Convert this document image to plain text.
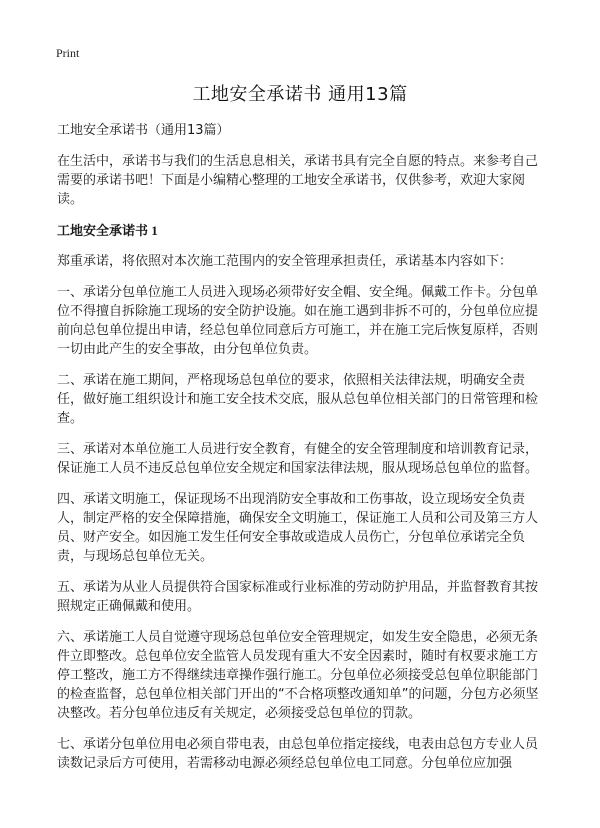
Print
工地安全承诺书 通用13篇

工地安全承诺书（通用13篇）

在生活中，承诺书与我们的生活息息相关，承诺书具有完全自愿的特点。来参考自己需要的承诺书吧！下面是小编精心整理的工地安全承诺书，仅供参考，欢迎大家阅读。

工地安全承诺书 1

郑重承诺，将依照对本次施工范围内的安全管理承担责任，承诺基本内容如下：

一、承诺分包单位施工人员进入现场必须带好安全帽、安全绳。佩戴工作卡。分包单位不得擅自拆除施工现场的安全防护设施。如在施工遇到非拆不可的，分包单位应提前向总包单位提出申请，经总包单位同意后方可施工，并在施工完后恢复原样，否则一切由此产生的安全事故，由分包单位负责。

二、承诺在施工期间，严格现场总包单位的要求，依照相关法律法规，明确安全责任，做好施工组织设计和施工安全技术交底，服从总包单位相关部门的日常管理和检查。

三、承诺对本单位施工人员进行安全教育，有健全的安全管理制度和培训教育记录，保证施工人员不违反总包单位安全规定和国家法律法规，服从现场总包单位的监督。

四、承诺文明施工，保证现场不出现消防安全事故和工伤事故，设立现场安全负责人，制定严格的安全保障措施，确保安全文明施工，保证施工人员和公司及第三方人员、财产安全。如因施工发生任何安全事故或造成人员伤亡，分包单位承诺完全负责，与现场总包单位无关。

五、承诺为从业人员提供符合国家标准或行业标准的劳动防护用品，并监督教育其按照规定正确佩戴和使用。

六、承诺施工人员自觉遵守现场总包单位安全管理规定，如发生安全隐患，必须无条件立即整改。总包单位安全监管人员发现有重大不安全因素时，随时有权要求施工方停工整改，施工方不得继续违章操作强行施工。分包单位必须接受总包单位职能部门的检查监督，总包单位相关部门开出的“不合格项整改通知单”的问题，分包方必须坚决整改。若分包单位违反有关规定，必须接受总包单位的罚款。

七、承诺分包单位用电必须自带电表，由总包单位指定接线，电表由总包方专业人员读数记录后方可使用，若需移动电源必须经总包单位电工同意。分包单位应加强
